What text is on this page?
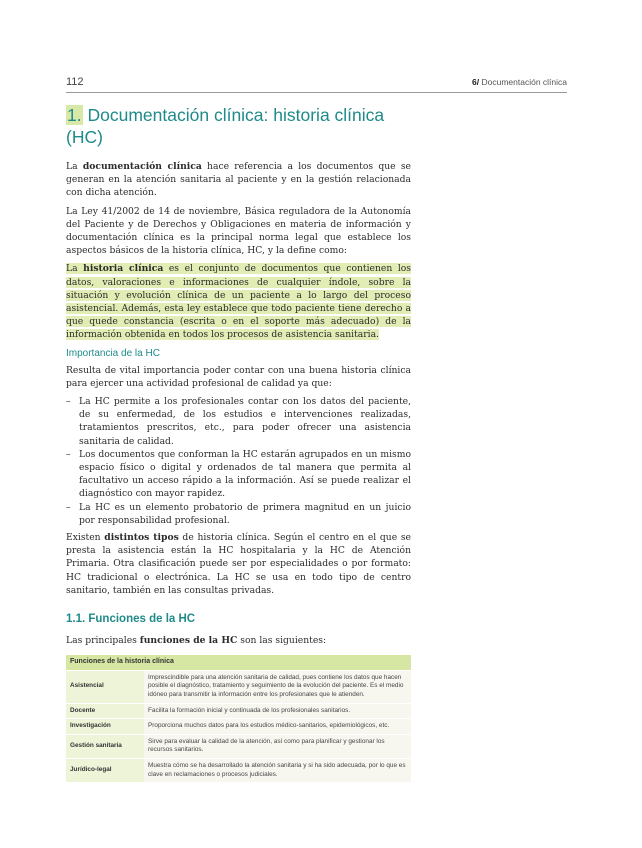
112	6/ Documentación clínica
1. Documentación clínica: historia clínica (HC)

La documentación clínica hace referencia a los documentos que se generan en la atención sanitaria al paciente y en la gestión relacionada con dicha atención.

La Ley 41/2002 de 14 de noviembre, Básica reguladora de la Autonomía del Paciente y de Derechos y Obligaciones en materia de información y documentación clínica es la principal norma legal que establece los aspectos básicos de la historia clínica, HC, y la define como:

La historia clínica es el conjunto de documentos que contienen los datos, valoraciones e informaciones de cualquier índole, sobre la situación y evolución clínica de un paciente a lo largo del proceso asistencial. Además, esta ley establece que todo paciente tiene derecho a que quede constancia (escrita o en el soporte más adecuado) de la información obtenida en todos los procesos de asistencia sanitaria.

Importancia de la HC

Resulta de vital importancia poder contar con una buena historia clínica para ejercer una actividad profesional de calidad ya que:

– La HC permite a los profesionales contar con los datos del paciente, de su enfermedad, de los estudios e intervenciones realizadas, tratamientos prescritos, etc., para poder ofrecer una asistencia sanitaria de calidad.
– Los documentos que conforman la HC estarán agrupados en un mismo espacio físico o digital y ordenados de tal manera que permita al facultativo un acceso rápido a la información. Así se puede realizar el diagnóstico con mayor rapidez.
– La HC es un elemento probatorio de primera magnitud en un juicio por responsabilidad profesional.

Existen distintos tipos de historia clínica. Según el centro en el que se presta la asistencia están la HC hospitalaria y la HC de Atención Primaria. Otra clasificación puede ser por especialidades o por formato: HC tradicional o electrónica. La HC se usa en todo tipo de centro sanitario, también en las consultas privadas.

1.1. Funciones de la HC

Las principales funciones de la HC son las siguientes:

Funciones de la historia clínica	
Asistencial	Imprescindible para una atención sanitaria de calidad, pues contiene los datos que hacen posible el diagnóstico, tratamiento y seguimiento de la evolución del paciente. Es el medio idóneo para transmitir la información entre los profesionales que le atienden.
Docente	Facilita la formación inicial y continuada de los profesionales sanitarios.
Investigación	Proporciona muchos datos para los estudios médico-sanitarios, epidemiológicos, etc.
Gestión sanitaria	Sirve para evaluar la calidad de la atención, así como para planificar y gestionar los recursos sanitarios.
Jurídico-legal	Muestra cómo se ha desarrollado la atención sanitaria y si ha sido adecuada, por lo que es clave en reclamaciones o procesos judiciales.
